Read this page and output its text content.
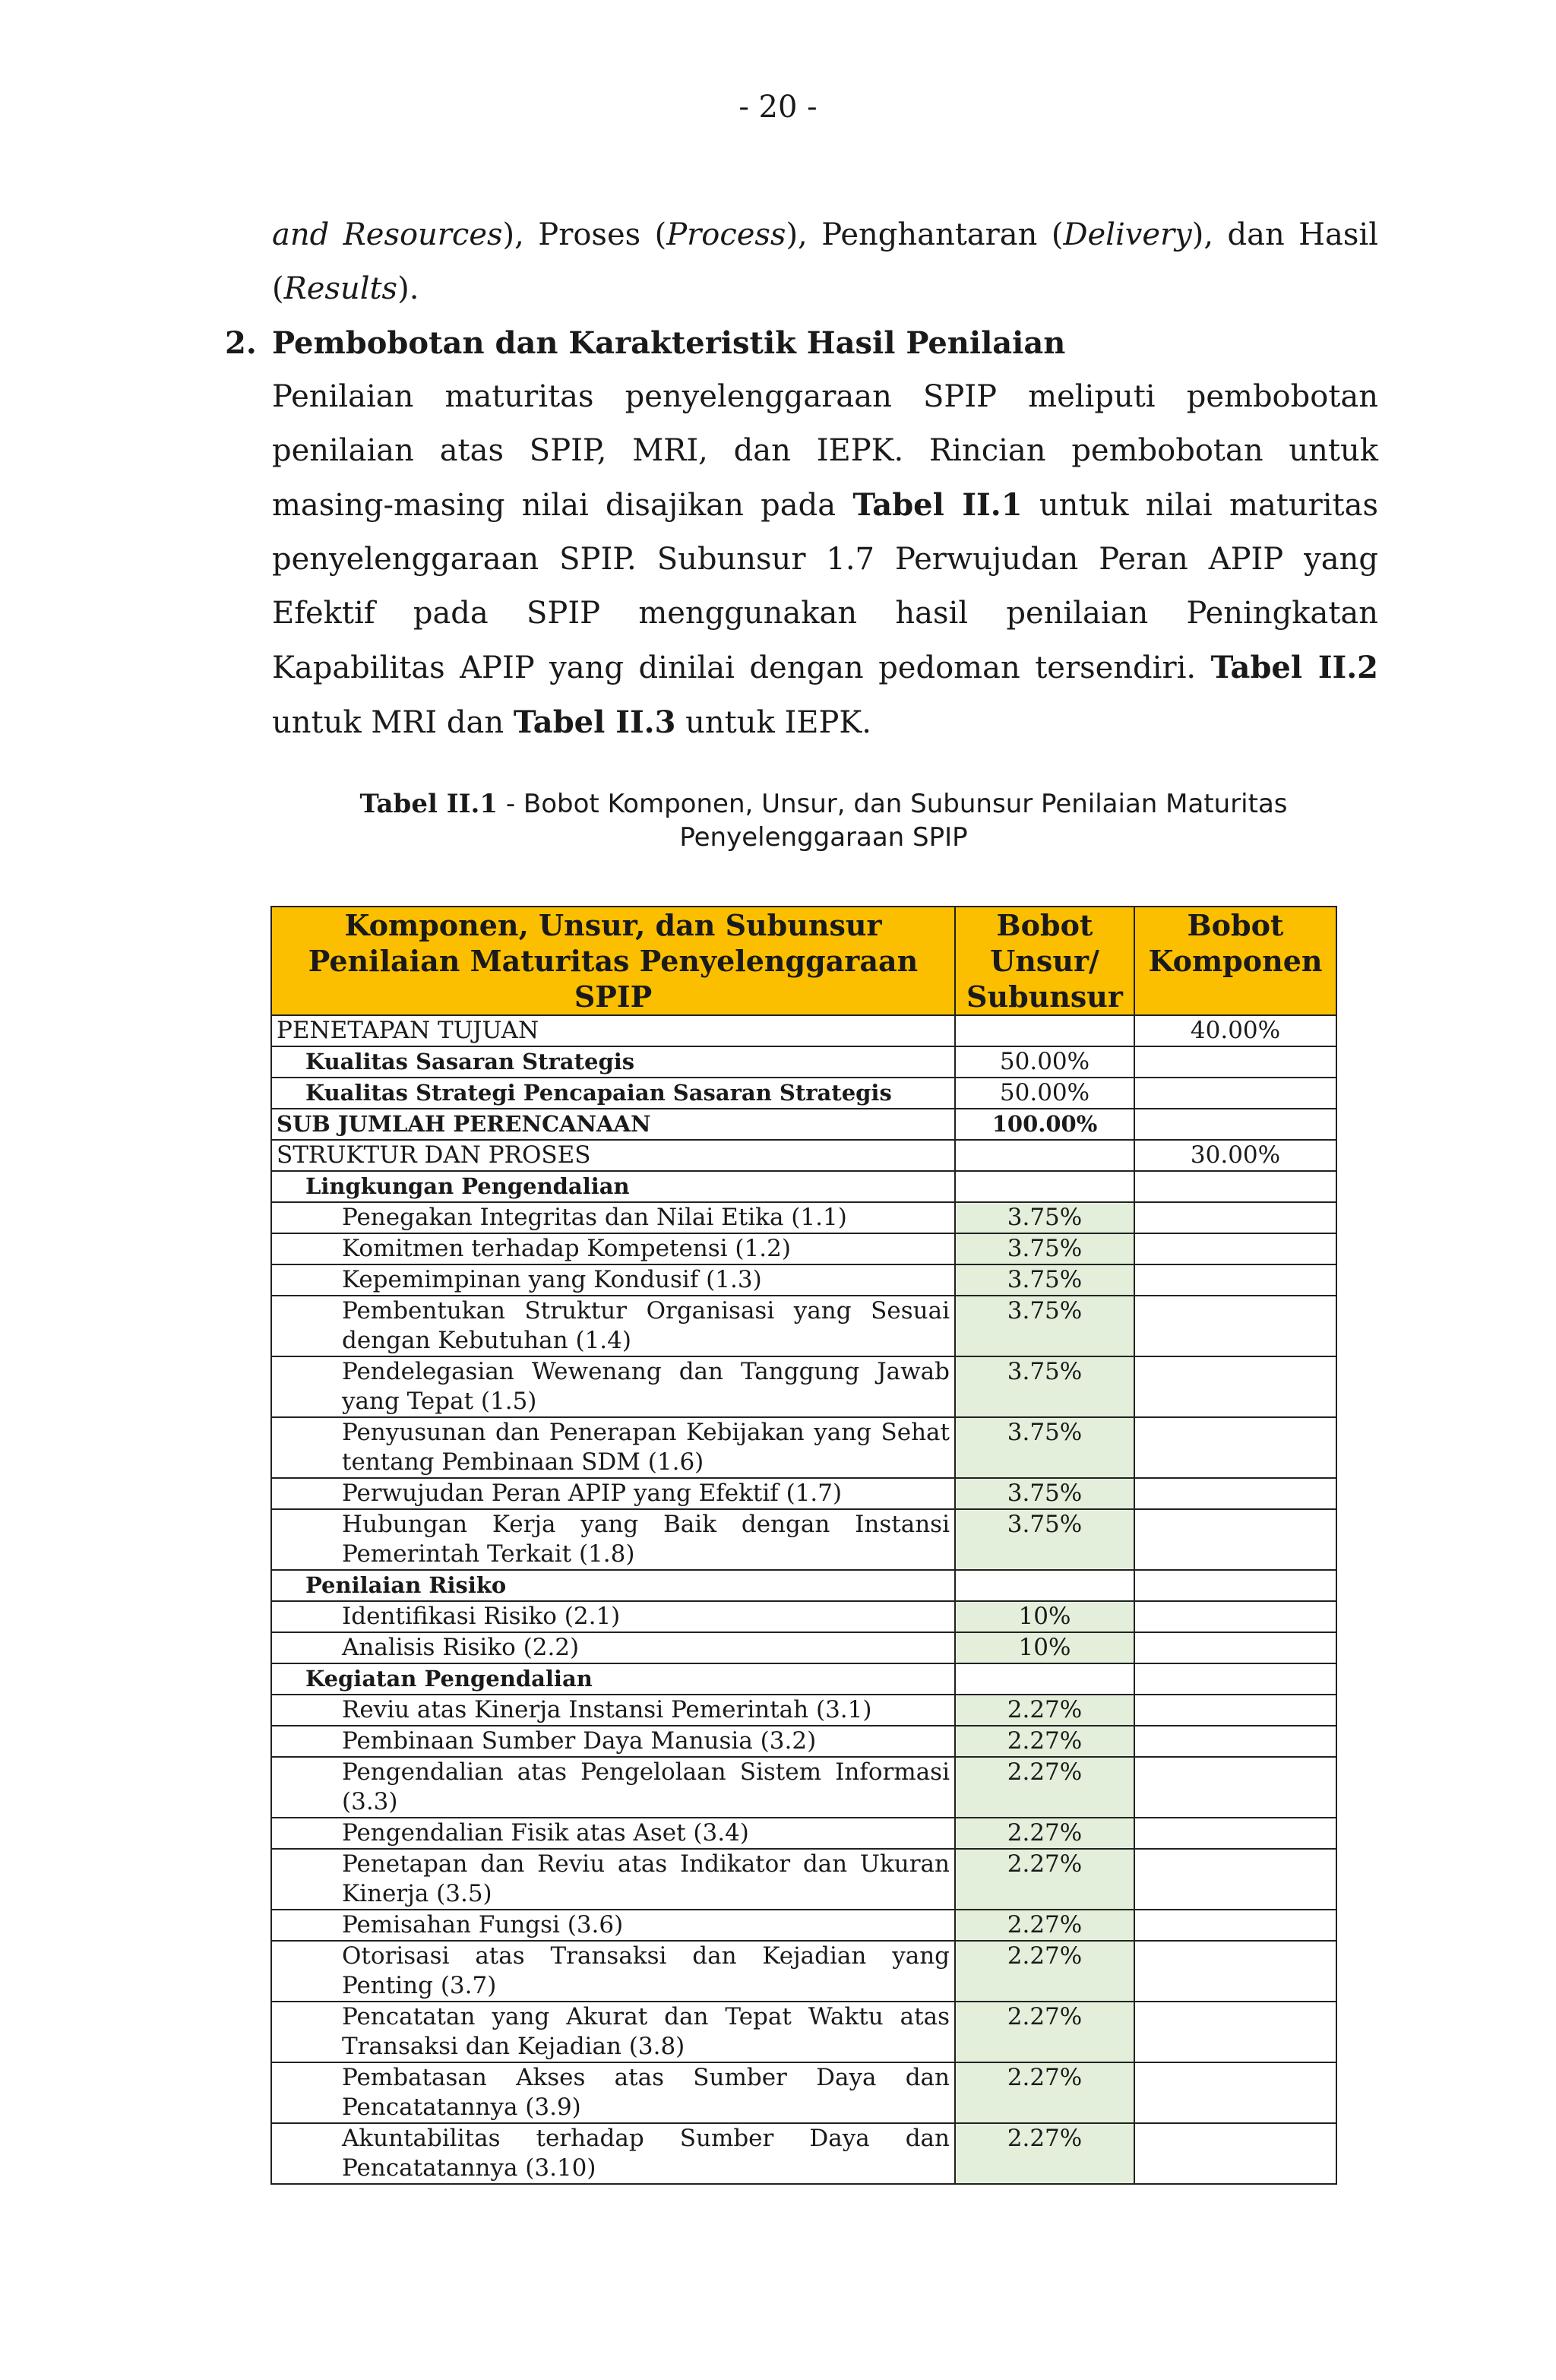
- 20 -
and Resources), Proses (Process), Penghantaran (Delivery), dan Hasil (Results).
2. Pembobotan dan Karakteristik Hasil Penilaian
Penilaian maturitas penyelenggaraan SPIP meliputi pembobotan penilaian atas SPIP, MRI, dan IEPK. Rincian pembobotan untuk masing-masing nilai disajikan pada Tabel II.1 untuk nilai maturitas penyelenggaraan SPIP. Subunsur 1.7 Perwujudan Peran APIP yang Efektif pada SPIP menggunakan hasil penilaian Peningkatan Kapabilitas APIP yang dinilai dengan pedoman tersendiri. Tabel II.2 untuk MRI dan Tabel II.3 untuk IEPK.
Tabel II.1 - Bobot Komponen, Unsur, dan Subunsur Penilaian Maturitas Penyelenggaraan SPIP
Komponen, Unsur, dan Subunsur Penilaian Maturitas Penyelenggaraan SPIP	Bobot Unsur/ Subunsur	Bobot Komponen
PENETAPAN TUJUAN		40.00%
Kualitas Sasaran Strategis	50.00%	
Kualitas Strategi Pencapaian Sasaran Strategis	50.00%	
SUB JUMLAH PERENCANAAN	100.00%	
STRUKTUR DAN PROSES		30.00%
Lingkungan Pengendalian		
Penegakan Integritas dan Nilai Etika (1.1)	3.75%	
Komitmen terhadap Kompetensi (1.2)	3.75%	
Kepemimpinan yang Kondusif (1.3)	3.75%	
Pembentukan Struktur Organisasi yang Sesuai dengan Kebutuhan (1.4)	3.75%	
Pendelegasian Wewenang dan Tanggung Jawab yang Tepat (1.5)	3.75%	
Penyusunan dan Penerapan Kebijakan yang Sehat tentang Pembinaan SDM (1.6)	3.75%	
Perwujudan Peran APIP yang Efektif (1.7)	3.75%	
Hubungan Kerja yang Baik dengan Instansi Pemerintah Terkait (1.8)	3.75%	
Penilaian Risiko		
Identifikasi Risiko (2.1)	10%	
Analisis Risiko (2.2)	10%	
Kegiatan Pengendalian		
Reviu atas Kinerja Instansi Pemerintah (3.1)	2.27%	
Pembinaan Sumber Daya Manusia (3.2)	2.27%	
Pengendalian atas Pengelolaan Sistem Informasi (3.3)	2.27%	
Pengendalian Fisik atas Aset (3.4)	2.27%	
Penetapan dan Reviu atas Indikator dan Ukuran Kinerja (3.5)	2.27%	
Pemisahan Fungsi (3.6)	2.27%	
Otorisasi atas Transaksi dan Kejadian yang Penting (3.7)	2.27%	
Pencatatan yang Akurat dan Tepat Waktu atas Transaksi dan Kejadian (3.8)	2.27%	
Pembatasan Akses atas Sumber Daya dan Pencatatannya (3.9)	2.27%	
Akuntabilitas terhadap Sumber Daya dan Pencatatannya (3.10)	2.27%	
